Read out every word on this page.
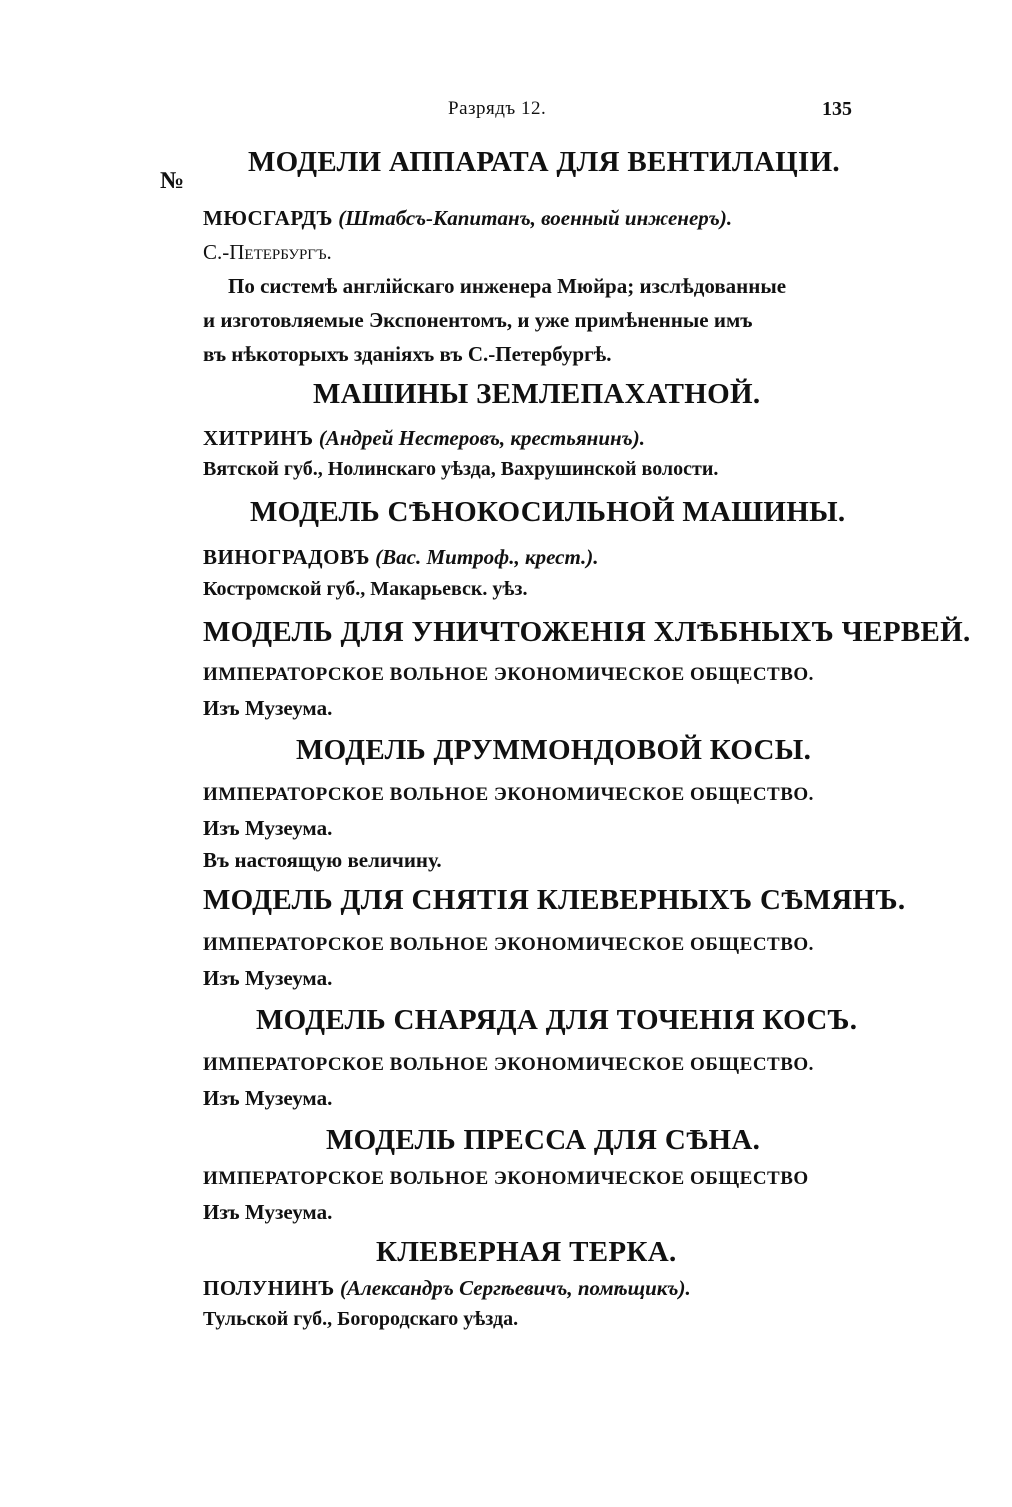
Разрядъ 12.	135
№
МОДЕЛИ АППАРАТА ДЛЯ ВЕНТИЛАЦІИ.
МЮСГАРДЪ (Штабсъ-Капитанъ, военный инженеръ).
С.-Петербургъ.
По системѣ англійскаго инженера Мюйра; изслѣдованные
и изготовляемые Экспонентомъ, и уже примѣненные имъ
въ нѣкоторыхъ зданіяхъ въ С.-Петербургѣ.
МАШИНЫ ЗЕМЛЕПАХАТНОЙ.
ХИТРИНЪ (Андрей Нестеровъ, крестьянинъ).
Вятской губ., Нолинскаго уѣзда, Вахрушинской волости.
МОДЕЛЬ СѢНОКОСИЛЬНОЙ МАШИНЫ.
ВИНОГРАДОВЪ (Вас. Митроф., крест.).
Костромской губ., Макарьевск. уѣз.
МОДЕЛЬ ДЛЯ УНИЧТОЖЕНІЯ ХЛѢБНЫХЪ ЧЕРВЕЙ.
ИМПЕРАТОРСКОЕ ВОЛЬНОЕ ЭКОНОМИЧЕСКОЕ ОБЩЕСТВО.
Изъ Музеума.
МОДЕЛЬ ДРУММОНДОВОЙ КОСЫ.
ИМПЕРАТОРСКОЕ ВОЛЬНОЕ ЭКОНОМИЧЕСКОЕ ОБЩЕСТВО.
Изъ Музеума.
Въ настоящую величину.
МОДЕЛЬ ДЛЯ СНЯТІЯ КЛЕВЕРНЫХЪ СѢМЯНЪ.
ИМПЕРАТОРСКОЕ ВОЛЬНОЕ ЭКОНОМИЧЕСКОЕ ОБЩЕСТВО.
Изъ Музеума.
МОДЕЛЬ СНАРЯДА ДЛЯ ТОЧЕНІЯ КОСЪ.
ИМПЕРАТОРСКОЕ ВОЛЬНОЕ ЭКОНОМИЧЕСКОЕ ОБЩЕСТВО.
Изъ Музеума.
МОДЕЛЬ ПРЕССА ДЛЯ СѢНА.
ИМПЕРАТОРСКОЕ ВОЛЬНОЕ ЭКОНОМИЧЕСКОЕ ОБЩЕСТВО
Изъ Музеума.
КЛЕВЕРНАЯ ТЕРКА.
ПОЛУНИНЪ (Александръ Сергѣевичъ, помѣщикъ).
Тульской губ., Богородскаго уѣзда.
